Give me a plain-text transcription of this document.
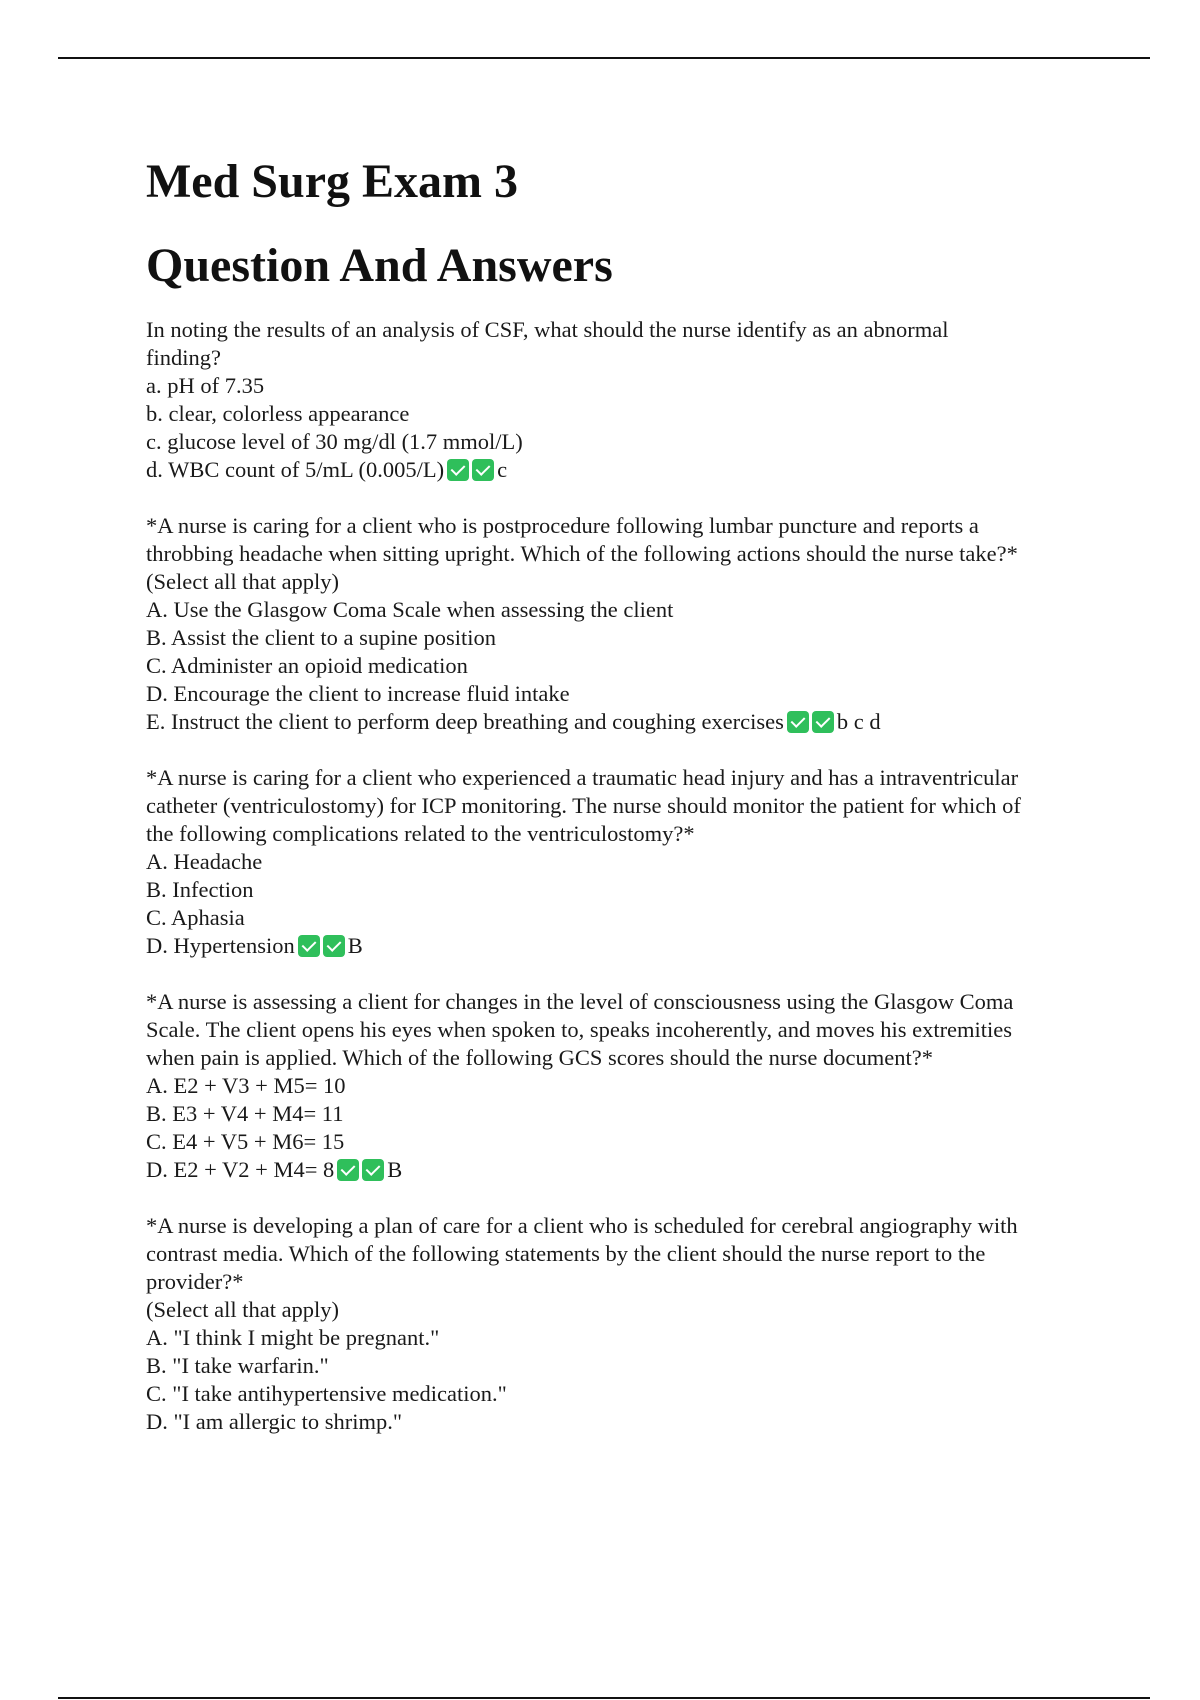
Med Surg Exam 3
Question And Answers
In noting the results of an analysis of CSF, what should the nurse identify as an abnormal
finding?
a. pH of 7.35
b. clear, colorless appearance
c. glucose level of 30 mg/dl (1.7 mmol/L)
d. WBC count of 5/mL (0.005/L) c
*A nurse is caring for a client who is postprocedure following lumbar puncture and reports a
throbbing headache when sitting upright. Which of the following actions should the nurse take?*
(Select all that apply)
A. Use the Glasgow Coma Scale when assessing the client
B. Assist the client to a supine position
C. Administer an opioid medication
D. Encourage the client to increase fluid intake
E. Instruct the client to perform deep breathing and coughing exercises b c d
*A nurse is caring for a client who experienced a traumatic head injury and has a intraventricular
catheter (ventriculostomy) for ICP monitoring. The nurse should monitor the patient for which of
the following complications related to the ventriculostomy?*
A. Headache
B. Infection
C. Aphasia
D. Hypertension B
*A nurse is assessing a client for changes in the level of consciousness using the Glasgow Coma
Scale. The client opens his eyes when spoken to, speaks incoherently, and moves his extremities
when pain is applied. Which of the following GCS scores should the nurse document?*
A. E2 + V3 + M5= 10
B. E3 + V4 + M4= 11
C. E4 + V5 + M6= 15
D. E2 + V2 + M4= 8 B
*A nurse is developing a plan of care for a client who is scheduled for cerebral angiography with
contrast media. Which of the following statements by the client should the nurse report to the
provider?*
(Select all that apply)
A. "I think I might be pregnant."
B. "I take warfarin."
C. "I take antihypertensive medication."
D. "I am allergic to shrimp."
